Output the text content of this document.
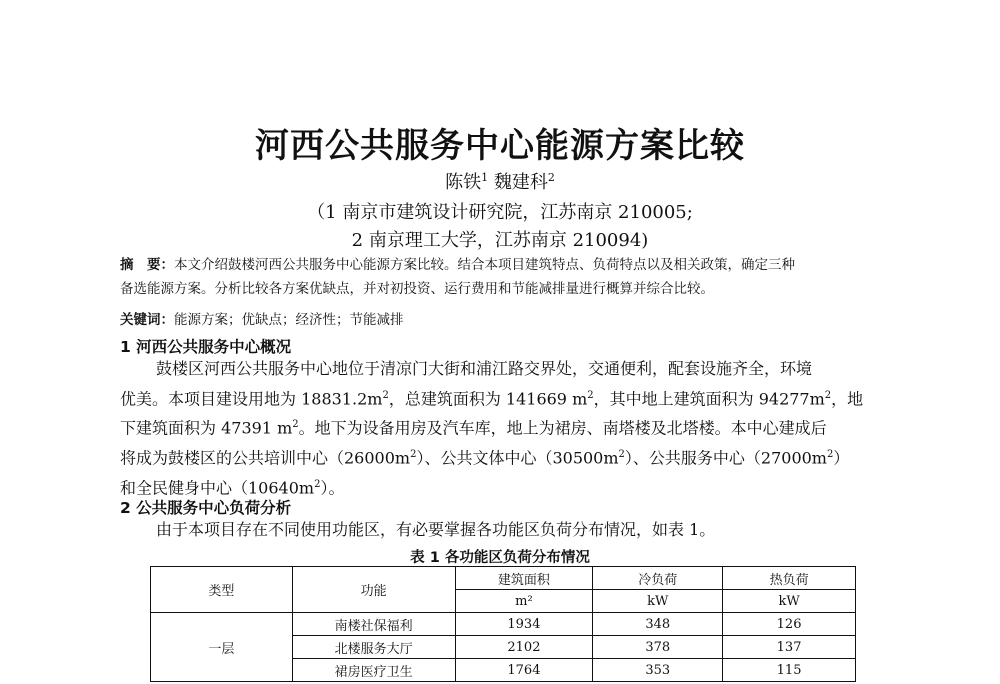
河西公共服务中心能源方案比较
陈铁$^1$ 魏建科$^2$
（1 南京市建筑设计研究院，江苏南京 210005;
2 南京理工大学，江苏南京 210094)
摘　要：本文介绍鼓楼河西公共服务中心能源方案比较。结合本项目建筑特点、负荷特点以及相关政策，确定三种
备选能源方案。分析比较各方案优缺点，并对初投资、运行费用和节能减排量进行概算并综合比较。
关键词：能源方案；优缺点；经济性；节能减排
1 河西公共服务中心概况
鼓楼区河西公共服务中心地位于清凉门大街和浦江路交界处，交通便利，配套设施齐全，环境
优美。本项目建设用地为 $18831.2m^2$，总建筑面积为 141669 $m^2$，其中地上建筑面积为 $94277m^2$，地
下建筑面积为 47391 $m^2$。地下为设备用房及汽车库，地上为裙房、南塔楼及北塔楼。本中心建成后
将成为鼓楼区的公共培训中心$(26000m^2)$、公共文体中心$(30500m^2)$、公共服务中心$(27000m^2)$
和全民健身中心$(10640m^2)$。
2 公共服务中心负荷分析
由于本项目存在不同使用功能区，有必要掌握各功能区负荷分布情况，如表 1。
表 1 各功能区负荷分布情况
类型	功能	建筑面积	冷负荷	热负荷
		m²	kW	kW
一层	南楼社保福利	1934	348	126
	北楼服务大厅	2102	378	137
	裙房医疗卫生	1764	353	115
